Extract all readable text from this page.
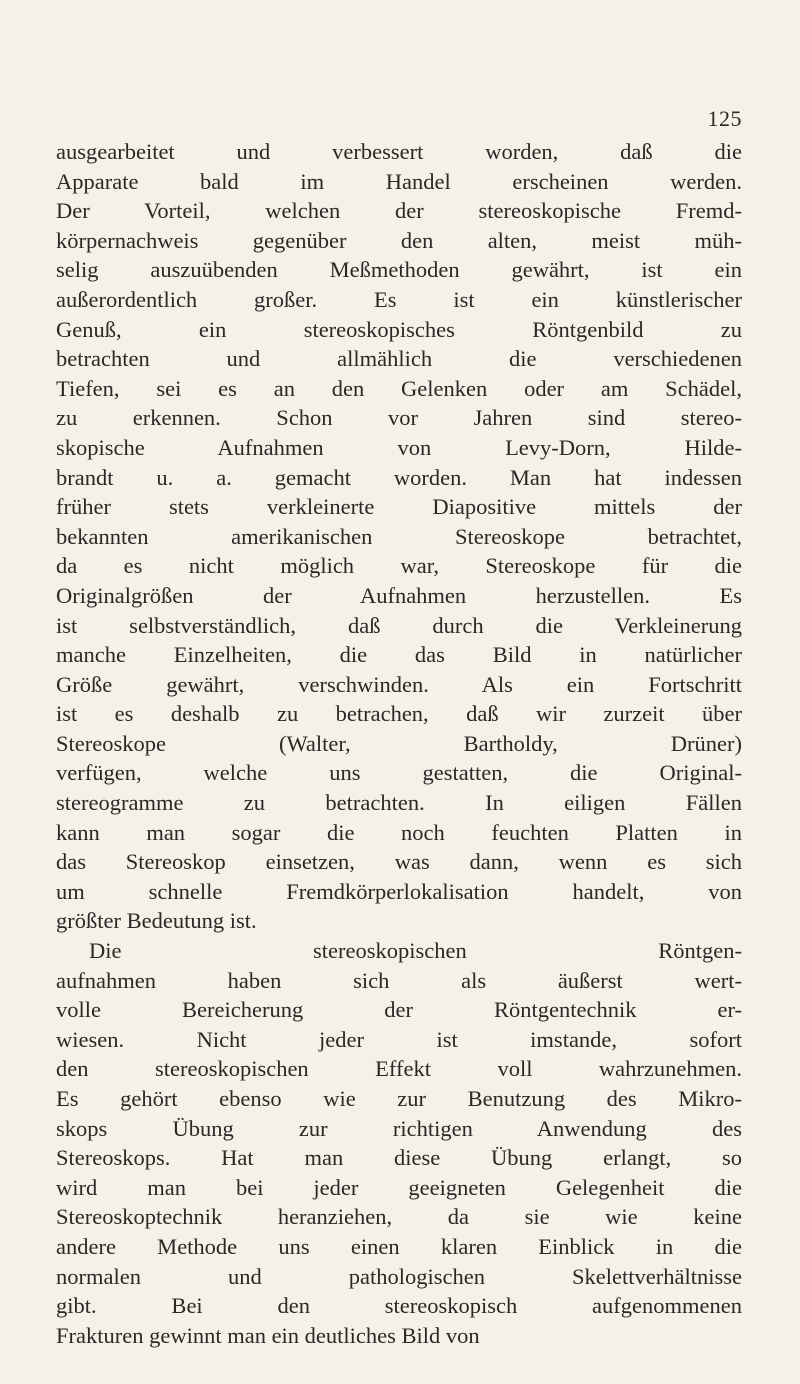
125
ausgearbeitet und verbessert worden, daß die
Apparate bald im Handel erscheinen werden.
Der Vorteil, welchen der stereoskopische Fremd-
körpernachweis gegenüber den alten, meist müh-
selig auszuübenden Meßmethoden gewährt, ist ein
außerordentlich großer. Es ist ein künstlerischer
Genuß, ein stereoskopisches Röntgenbild zu
betrachten und allmählich die verschiedenen
Tiefen, sei es an den Gelenken oder am Schädel,
zu erkennen. Schon vor Jahren sind stereo-
skopische Aufnahmen von Levy-Dorn, Hilde-
brandt u. a. gemacht worden. Man hat indessen
früher stets verkleinerte Diapositive mittels der
bekannten amerikanischen Stereoskope betrachtet,
da es nicht möglich war, Stereoskope für die
Originalgrößen der Aufnahmen herzustellen. Es
ist selbstverständlich, daß durch die Verkleinerung
manche Einzelheiten, die das Bild in natürlicher
Größe gewährt, verschwinden. Als ein Fortschritt
ist es deshalb zu betrachen, daß wir zurzeit über
Stereoskope (Walter, Bartholdy, Drüner)
verfügen, welche uns gestatten, die Original-
stereogramme zu betrachten. In eiligen Fällen
kann man sogar die noch feuchten Platten in
das Stereoskop einsetzen, was dann, wenn es sich
um schnelle Fremdkörperlokalisation handelt, von
größter Bedeutung ist.
Die stereoskopischen Röntgen-
aufnahmen haben sich als äußerst wert-
volle Bereicherung der Röntgentechnik er-
wiesen. Nicht jeder ist imstande, sofort
den stereoskopischen Effekt voll wahrzunehmen.
Es gehört ebenso wie zur Benutzung des Mikro-
skops Übung zur richtigen Anwendung des
Stereoskops. Hat man diese Übung erlangt, so
wird man bei jeder geeigneten Gelegenheit die
Stereoskoptechnik heranziehen, da sie wie keine
andere Methode uns einen klaren Einblick in die
normalen und pathologischen Skelettverhältnisse
gibt. Bei den stereoskopisch aufgenommenen
Frakturen gewinnt man ein deutliches Bild von
